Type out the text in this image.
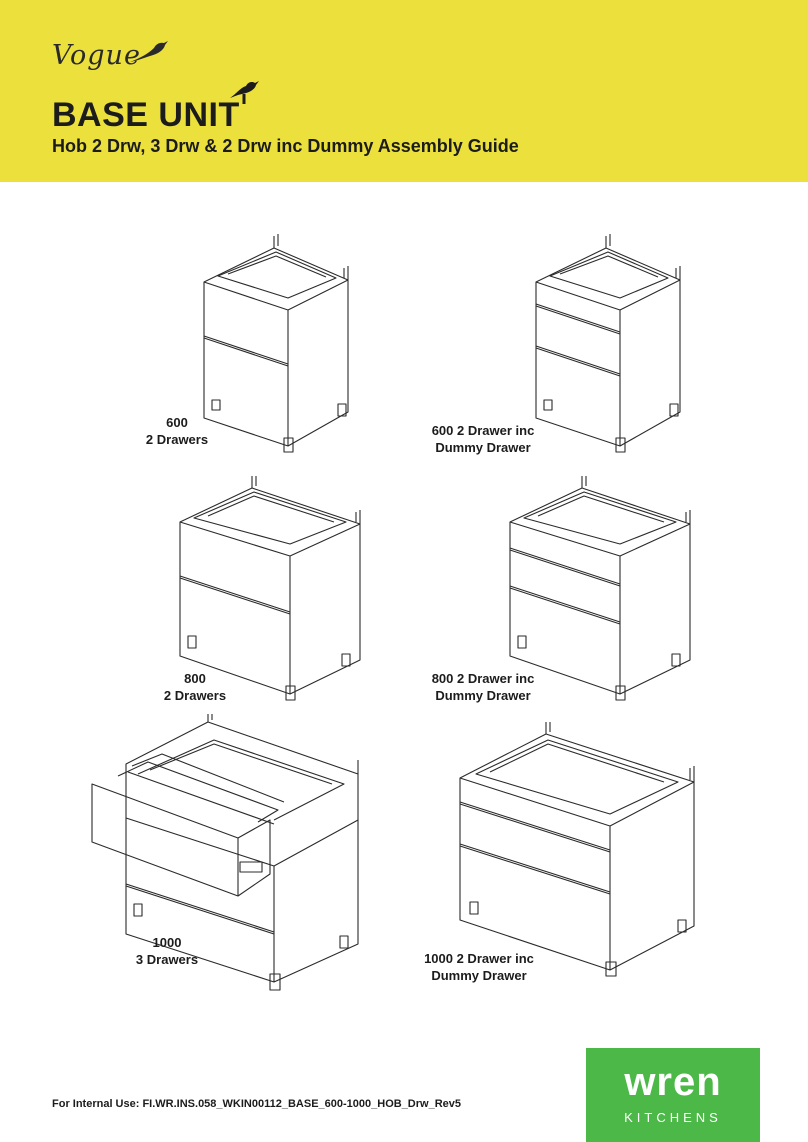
Vogue
BASE UNIT
Hob 2 Drw, 3 Drw & 2 Drw inc Dummy Assembly Guide
600
2 Drawers
600 2 Drawer inc
Dummy Drawer
800
2 Drawers
800 2 Drawer inc
Dummy Drawer
1000
3 Drawers	1000 2 Drawer inc
Dummy Drawer
For Internal Use: FI.WR.INS.058_WKIN00112_BASE_600-1000_HOB_Drw_Rev5	wren
KITCHENS
